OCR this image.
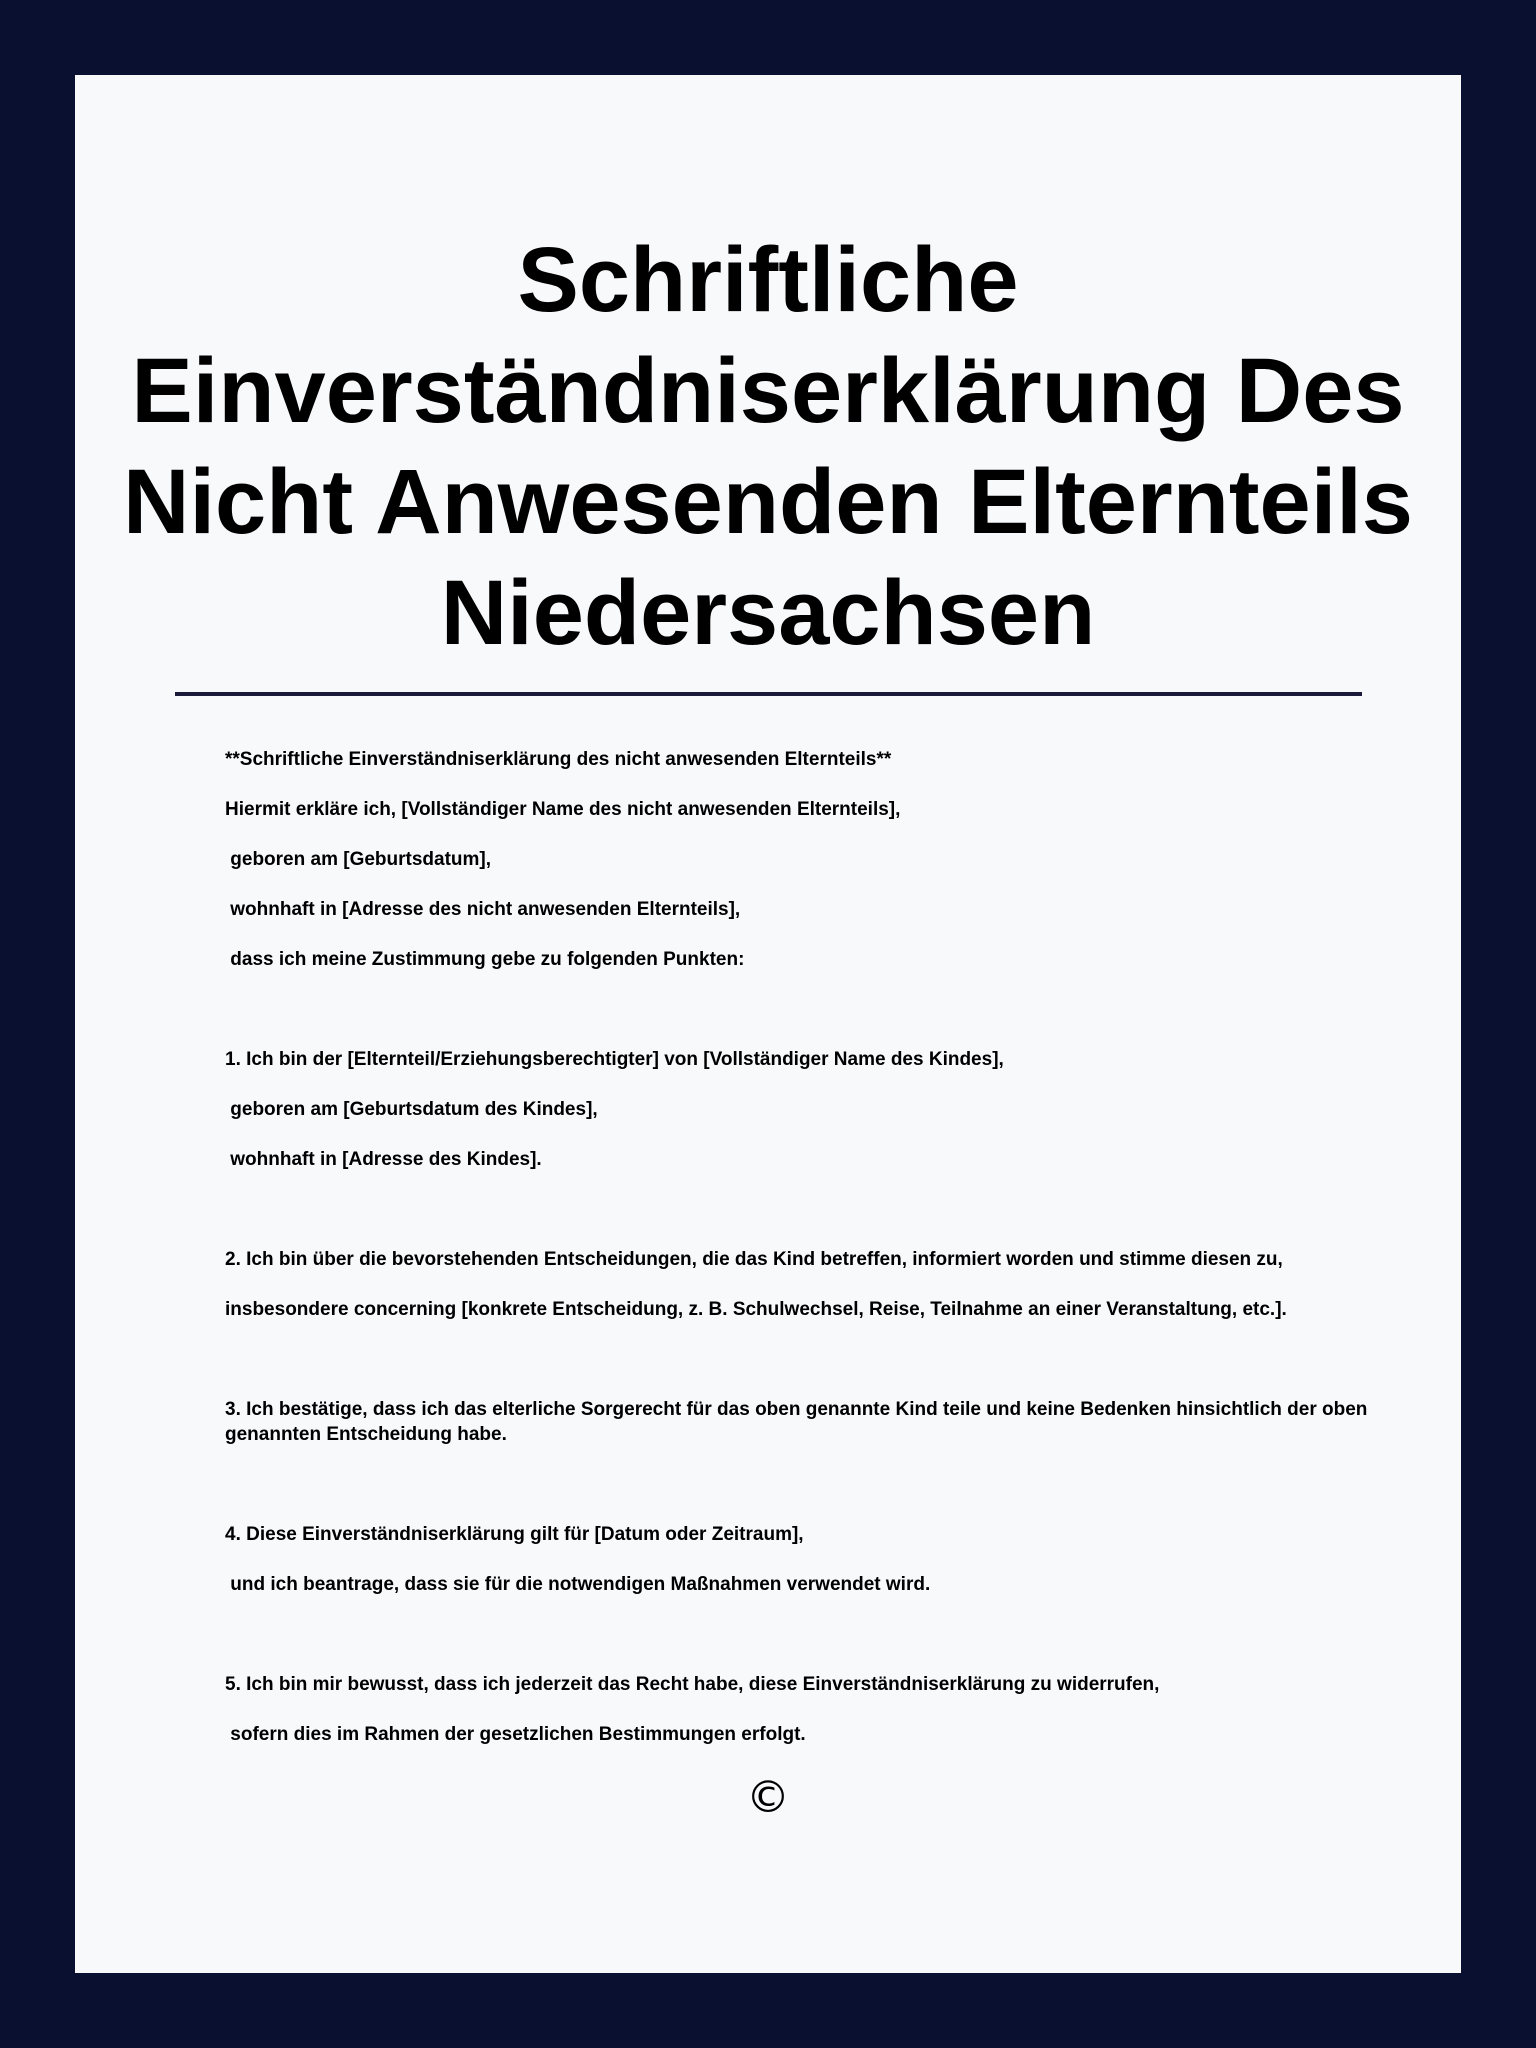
Schriftliche Einverständniserklärung Des Nicht Anwesenden Elternteils Niedersachsen

**Schriftliche Einverständniserklärung des nicht anwesenden Elternteils**

Hiermit erkläre ich, [Vollständiger Name des nicht anwesenden Elternteils],

geboren am [Geburtsdatum],

wohnhaft in [Adresse des nicht anwesenden Elternteils],

dass ich meine Zustimmung gebe zu folgenden Punkten:

1. Ich bin der [Elternteil/Erziehungsberechtigter] von [Vollständiger Name des Kindes],

geboren am [Geburtsdatum des Kindes],

wohnhaft in [Adresse des Kindes].

2. Ich bin über die bevorstehenden Entscheidungen, die das Kind betreffen, informiert worden und stimme diesen zu,

insbesondere concerning [konkrete Entscheidung, z. B. Schulwechsel, Reise, Teilnahme an einer Veranstaltung, etc.].

3. Ich bestätige, dass ich das elterliche Sorgerecht für das oben genannte Kind teile und keine Bedenken hinsichtlich der oben genannten Entscheidung habe.

4. Diese Einverständniserklärung gilt für [Datum oder Zeitraum],

und ich beantrage, dass sie für die notwendigen Maßnahmen verwendet wird.

5. Ich bin mir bewusst, dass ich jederzeit das Recht habe, diese Einverständniserklärung zu widerrufen,

sofern dies im Rahmen der gesetzlichen Bestimmungen erfolgt.

©
